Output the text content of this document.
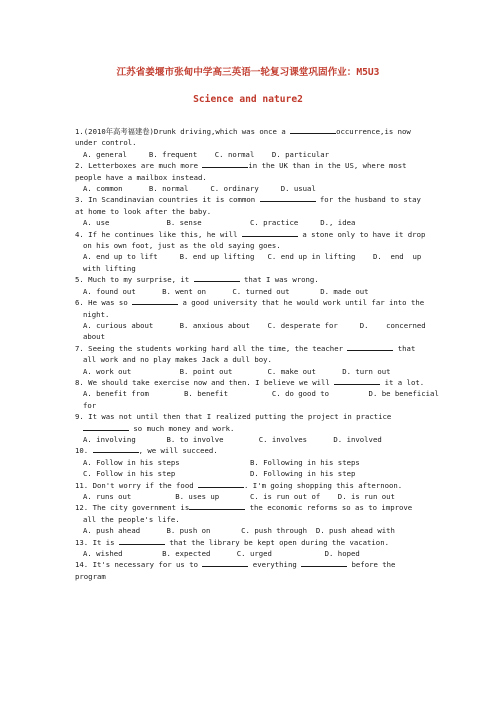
江苏省姜堰市张甸中学高三英语一轮复习课堂巩固作业：M5U3
Science and nature2

1.(2010年高考福建卷)Drunk driving,which was once a	occurrence,is now under control.

A. general     B. frequent    C. normal    D. particular

2. Letterboxes are much more	in the UK than in the US, where most people have a mailbox instead.

A. common      B. normal     C. ordinary     D. usual

3. In Scandinavian countries it is common	for the husband to stay at home to look after the baby.

A. use             B. sense           C. practice     D., idea

4. If he continues like this, he will	a stone only to have it drop on his own foot, just as the old saying goes.

A. end up to lift     B. end up lifting   C. end up in lifting    D.  end  up
with lifting

5. Much to my surprise, it	that I was wrong.

A. found out      B. went on      C. turned out       D. made out

6. He was so	a good university that he would work until far into the night.

A. curious about      B. anxious about    C. desperate for     D.    concerned
about

7. Seeing the students working hard all the time, the teacher	that all work and no play makes Jack a dull boy.

A. work out           B. point out        C. make out      D. turn out

8. We should take exercise now and then. I believe we will	it a lot.

A. benefit from        B. benefit          C. do good to         D. be beneficial
for

9. It was not until then that I realized putting the project in practice  so much money and work.

A. involving       B. to involve        C. involves      D. involved

10.	, we will succeed.

A. Follow in his steps                B. Following in his steps
C. Follow in his step                 D. Following in his step

11. Don't worry if the food	. I'm going shopping this afternoon.

A. runs out          B. uses up       C. is run out of    D. is run out

12. The city government is	the economic reforms so as to improve all the people's life.

A. push ahead      B. push on       C. push through  D. push ahead with

13. It is	that the library be kept open during the vacation.

A. wished         B. expected      C. urged            D. hoped

14. It's necessary for us to	everything	before the program
